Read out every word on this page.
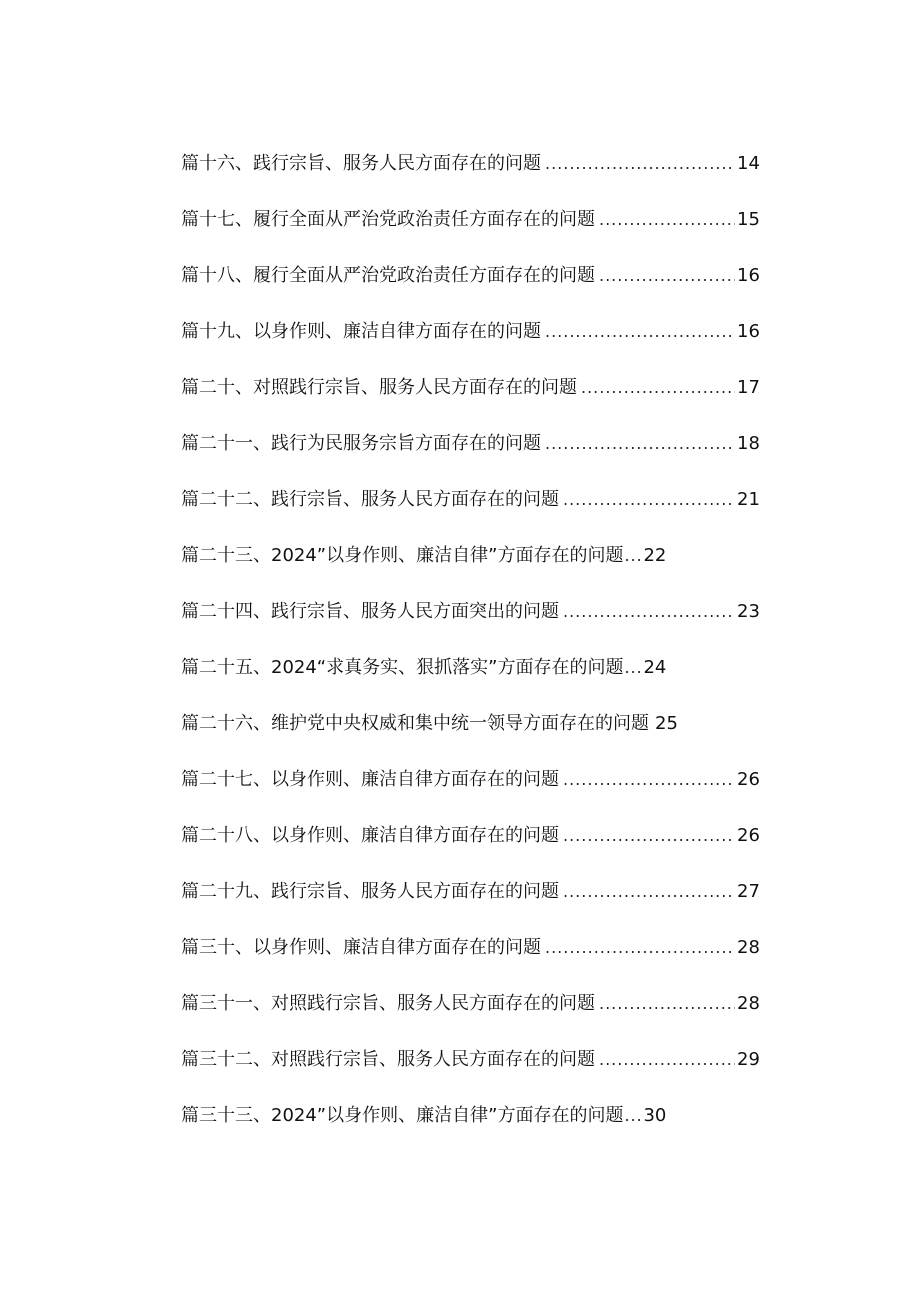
篇十六、践行宗旨、服务人民方面存在的问题 .....	14
篇十七、履行全面从严治党政治责任方面存在的问题 .....	15
篇十八、履行全面从严治党政治责任方面存在的问题 .....	16
篇十九、以身作则、廉洁自律方面存在的问题 .....	16
篇二十、对照践行宗旨、服务人民方面存在的问题 .....	17
篇二十一、践行为民服务宗旨方面存在的问题 .....	18
篇二十二、践行宗旨、服务人民方面存在的问题 .....	21
篇二十三、2024”以身作则、廉洁自律”方面存在的问题 ..... 22
篇二十四、践行宗旨、服务人民方面突出的问题 .....	23
篇二十五、2024“求真务实、狠抓落实”方面存在的问题 ..... 24
篇二十六、维护党中央权威和集中统一领导方面存在的问题 25
篇二十七、以身作则、廉洁自律方面存在的问题 .....	26
篇二十八、以身作则、廉洁自律方面存在的问题 .....	26
篇二十九、践行宗旨、服务人民方面存在的问题 .....	27
篇三十、以身作则、廉洁自律方面存在的问题 .....	28
篇三十一、对照践行宗旨、服务人民方面存在的问题 .....	28
篇三十二、对照践行宗旨、服务人民方面存在的问题 .....	29
篇三十三、2024”以身作则、廉洁自律”方面存在的问题 ..... 30
